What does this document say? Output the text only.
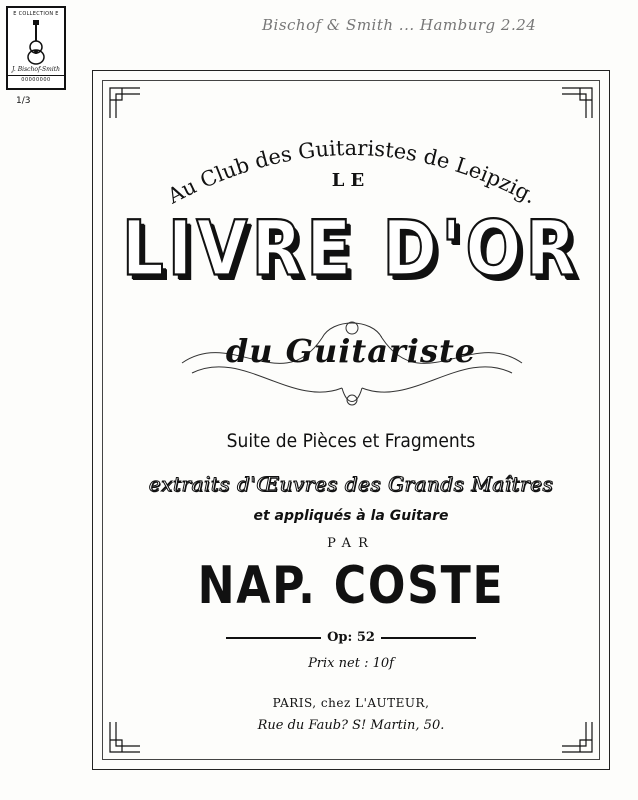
E COLLECTION E
J. Bischof-Smith
00000000
1/3
Bischof & Smith ... Hamburg 2.24
Au Club des Guitaristes de Leipzig.
LE
LIVRE D'OR
du Guitariste
Suite de Pièces et Fragments
extraits d'Œuvres des Grands Maîtres
et appliqués à la Guitare
PAR
NAP. COSTE
Op: 52
Prix net : 10f
PARIS, chez L'AUTEUR,
Rue du Faub? S! Martin, 50.
